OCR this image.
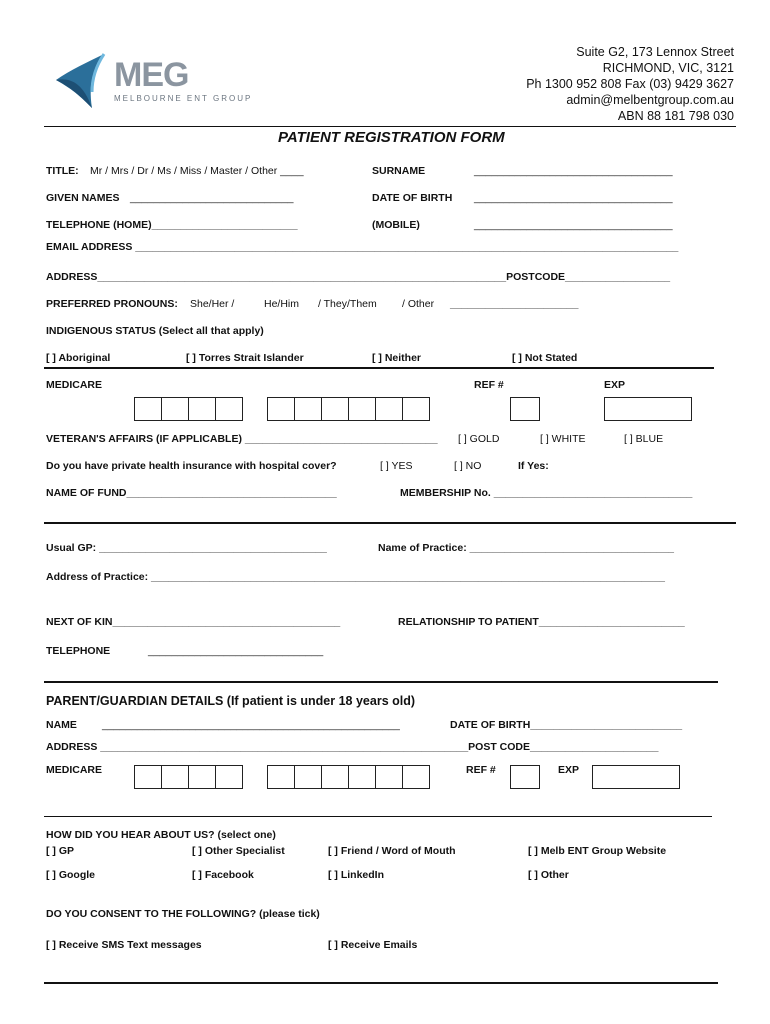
MEG
MELBOURNE ENT GROUP
Suite G2, 173 Lennox Street
RICHMOND, VIC, 3121
Ph 1300 952 808 Fax (03) 9429 3627
admin@melbentgroup.com.au
ABN 88 181 798 030
PATIENT REGISTRATION FORM
TITLE: Mr / Mrs / Dr / Ms / Miss / Master / Other ____	SURNAME	__________________________________
GIVEN NAMES ____________________________	DATE OF BIRTH __________________________________
TELEPHONE (HOME)_________________________	(MOBILE)	__________________________________
EMAIL ADDRESS _____________________________________________________________________________________________
ADDRESS______________________________________________________________________POSTCODE__________________
PREFERRED PRONOUNS: She/Her /	He/Him / They/Them / Other ______________________
INDIGENOUS STATUS (Select all that apply)
[ ] Aboriginal	[ ] Torres Strait Islander	[ ] Neither	[ ] Not Stated
MEDICARE	REF #	EXP
VETERAN'S AFFAIRS (IF APPLICABLE) _________________________________ [ ] GOLD	[ ] WHITE	[ ] BLUE
Do you have private health insurance with hospital cover?	[ ] YES	[ ] NO	If Yes:
NAME OF FUND____________________________________	MEMBERSHIP No. __________________________________
Usual GP: _______________________________________	Name of Practice: ___________________________________
Address of Practice: ________________________________________________________________________________________
NEXT OF KIN_______________________________________	RELATIONSHIP TO PATIENT_________________________
TELEPHONE	______________________________
PARENT/GUARDIAN DETAILS (If patient is under 18 years old)
NAME ___________________________________________________	DATE OF BIRTH__________________________
ADDRESS _______________________________________________________________POST CODE______________________
MEDICARE	REF #	EXP
HOW DID YOU HEAR ABOUT US? (select one)
[ ] GP	[ ] Other Specialist	[ ] Friend / Word of Mouth	[ ] Melb ENT Group Website
[ ] Google	[ ] Facebook	[ ] LinkedIn	[ ] Other
DO YOU CONSENT TO THE FOLLOWING? (please tick)
[ ] Receive SMS Text messages	[ ] Receive Emails
